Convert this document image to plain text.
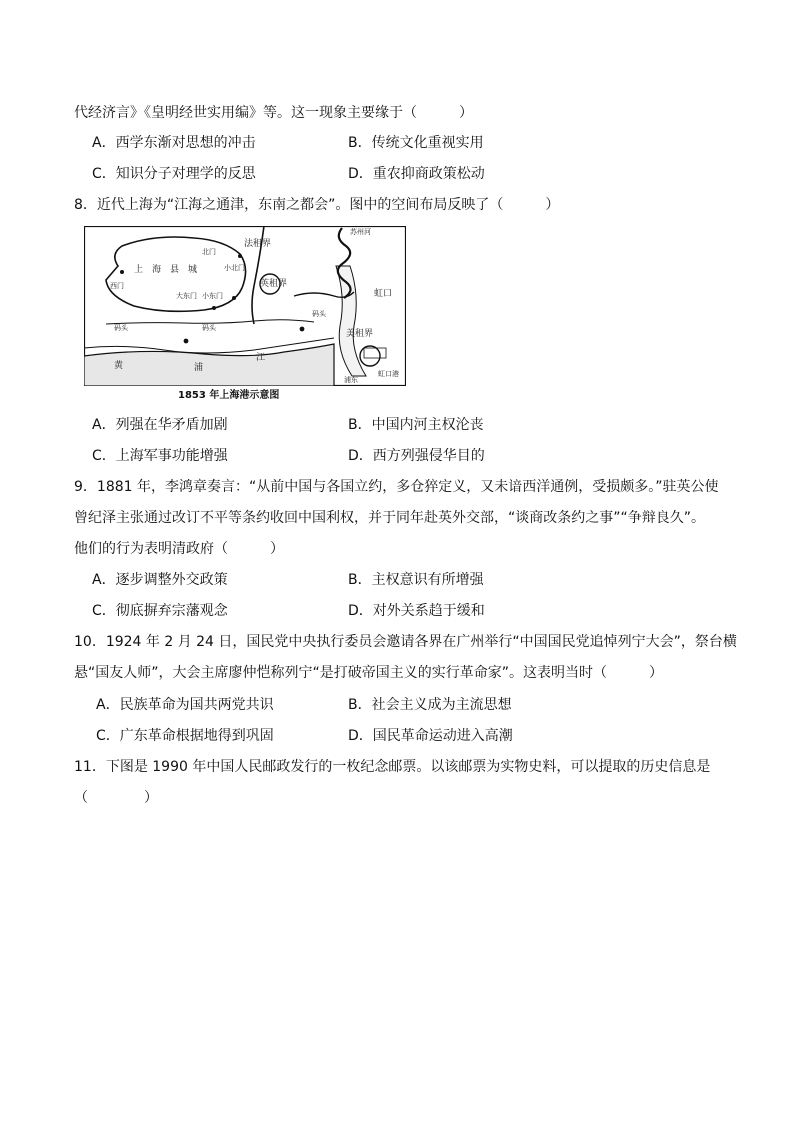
代经济言》《皇明经世实用编》等。这一现象主要缘于（　　　）
A．西学东渐对思想的冲击	B．传统文化重视实用
C．知识分子对理学的反思	D．重农抑商政策松动
8．近代上海为“江海之通津，东南之都会”。图中的空间布局反映了（　　　）
上　海　县　城
北门
小北门
大东门 小东门
西门
法租界
英租界
美租界
虹口
黄	浦
江
苏州河
码头	码头
码头
浦东
虹口港
1853 年上海港示意图
A．列强在华矛盾加剧	B．中国内河主权沦丧
C．上海军事功能增强	D．西方列强侵华目的
9．1881 年，李鸿章奏言：“从前中国与各国立约，多仓猝定义，又未谙西洋通例，受损颇多。”驻英公使
曾纪泽主张通过改订不平等条约收回中国利权，并于同年赴英外交部，“谈商改条约之事”“争辩良久”。
他们的行为表明清政府（　　　）
A．逐步调整外交政策	B．主权意识有所增强
C．彻底摒弃宗藩观念	D．对外关系趋于缓和
10．1924 年 2 月 24 日，国民党中央执行委员会邀请各界在广州举行“中国国民党追悼列宁大会”，祭台横
悬“国友人师”，大会主席廖仲恺称列宁“是打破帝国主义的实行革命家”。这表明当时（　　　）
A．民族革命为国共两党共识	B．社会主义成为主流思想
C．广东革命根据地得到巩固	D．国民革命运动进入高潮
11．下图是 1990 年中国人民邮政发行的一枚纪念邮票。以该邮票为实物史料，可以提取的历史信息是
（　　　　）
